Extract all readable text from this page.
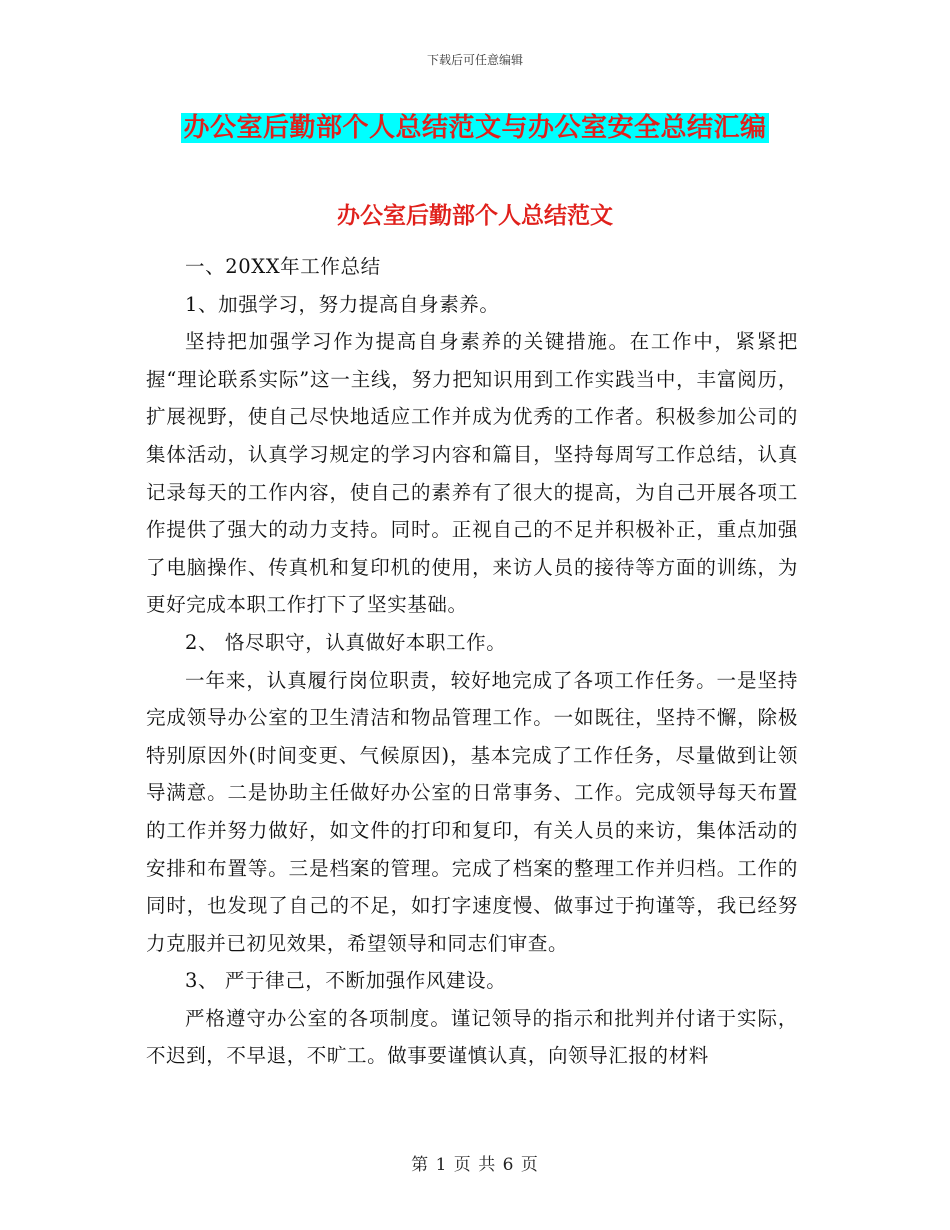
下载后可任意编辑
办公室后勤部个人总结范文与办公室安全总结汇编
办公室后勤部个人总结范文

一、20XX年工作总结

1、加强学习，努力提高自身素养。

坚持把加强学习作为提高自身素养的关键措施。在工作中，紧紧把握“理论联系实际”这一主线，努力把知识用到工作实践当中，丰富阅历，扩展视野，使自己尽快地适应工作并成为优秀的工作者。积极参加公司的集体活动，认真学习规定的学习内容和篇目，坚持每周写工作总结，认真记录每天的工作内容，使自己的素养有了很大的提高，为自己开展各项工作提供了强大的动力支持。同时。正视自己的不足并积极补正，重点加强了电脑操作、传真机和复印机的使用，来访人员的接待等方面的训练，为更好完成本职工作打下了坚实基础。

2、 恪尽职守，认真做好本职工作。

一年来，认真履行岗位职责，较好地完成了各项工作任务。一是坚持完成领导办公室的卫生清洁和物品管理工作。一如既往，坚持不懈，除极特别原因外(时间变更、气候原因)，基本完成了工作任务，尽量做到让领导满意。二是协助主任做好办公室的日常事务、工作。完成领导每天布置的工作并努力做好，如文件的打印和复印，有关人员的来访，集体活动的安排和布置等。三是档案的管理。完成了档案的整理工作并归档。工作的同时，也发现了自己的不足，如打字速度慢、做事过于拘谨等，我已经努力克服并已初见效果，希望领导和同志们审查。

3、 严于律己，不断加强作风建设。

严格遵守办公室的各项制度。谨记领导的指示和批判并付诸于实际，不迟到，不早退，不旷工。做事要谨慎认真，向领导汇报的材料

第 1 页 共 6 页
